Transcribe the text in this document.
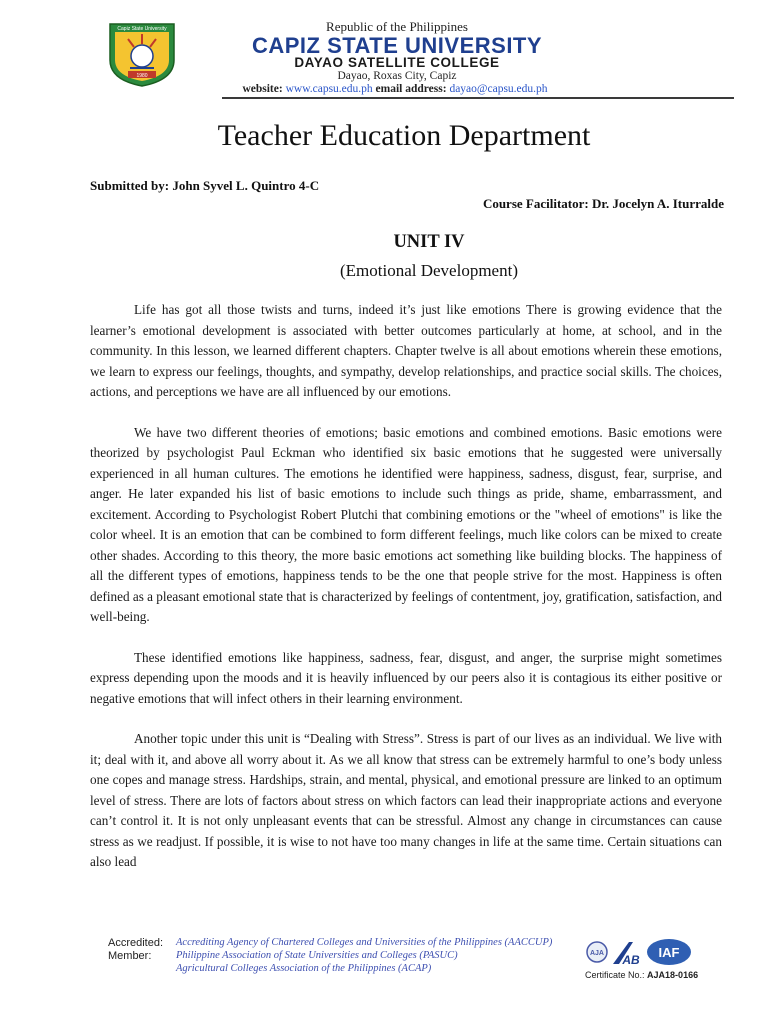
Capiz State University
1980
Republic of the Philippines
CAPIZ STATE UNIVERSITY
DAYAO SATELLITE COLLEGE
Dayao, Roxas City, Capiz
website: www.capsu.edu.ph email address: dayao@capsu.edu.ph
Teacher Education Department
Submitted by: John Syvel L. Quintro 4-C
Course Facilitator: Dr. Jocelyn A. Iturralde
UNIT IV
(Emotional Development)

Life has got all those twists and turns, indeed it’s just like emotions There is growing evidence that the learner’s emotional development is associated with better outcomes particularly at home, at school, and in the community. In this lesson, we learned different chapters. Chapter twelve is all about emotions wherein these emotions, we learn to express our feelings, thoughts, and sympathy, develop relationships, and practice social skills. The choices, actions, and perceptions we have are all influenced by our emotions.

We have two different theories of emotions; basic emotions and combined emotions. Basic emotions were theorized by psychologist Paul Eckman who identified six basic emotions that he suggested were universally experienced in all human cultures. The emotions he identified were happiness, sadness, disgust, fear, surprise, and anger. He later expanded his list of basic emotions to include such things as pride, shame, embarrassment, and excitement. According to Psychologist Robert Plutchi that combining emotions or the "wheel of emotions" is like the color wheel. It is an emotion that can be combined to form different feelings, much like colors can be mixed to create other shades. According to this theory, the more basic emotions act something like building blocks. The happiness of all the different types of emotions, happiness tends to be the one that people strive for the most. Happiness is often defined as a pleasant emotional state that is characterized by feelings of contentment, joy, gratification, satisfaction, and well-being.

These identified emotions like happiness, sadness, fear, disgust, and anger, the surprise might sometimes express depending upon the moods and it is heavily influenced by our peers also it is contagious its either positive or negative emotions that will infect others in their learning environment.

Another topic under this unit is “Dealing with Stress”. Stress is part of our lives as an individual. We live with it; deal with it, and above all worry about it. As we all know that stress can be extremely harmful to one’s body unless one copes and manage stress. Hardships, strain, and mental, physical, and emotional pressure are linked to an optimum level of stress. There are lots of factors about stress on which factors can lead their inappropriate actions and everyone can’t control it. It is not only unpleasant events that can be stressful. Almost any change in circumstances can cause stress as we readjust. If possible, it is wise to not have too many changes in life at the same time. Certain situations can also lead

Accredited:
Member:
Accrediting Agency of Chartered Colleges and Universities of the Philippines (AACCUP)
Philippine Association of State Universities and Colleges (PASUC)
Agricultural Colleges Association of the Philippines (ACAP)
AJA AB IAF
Certificate No.: AJA18-0166
